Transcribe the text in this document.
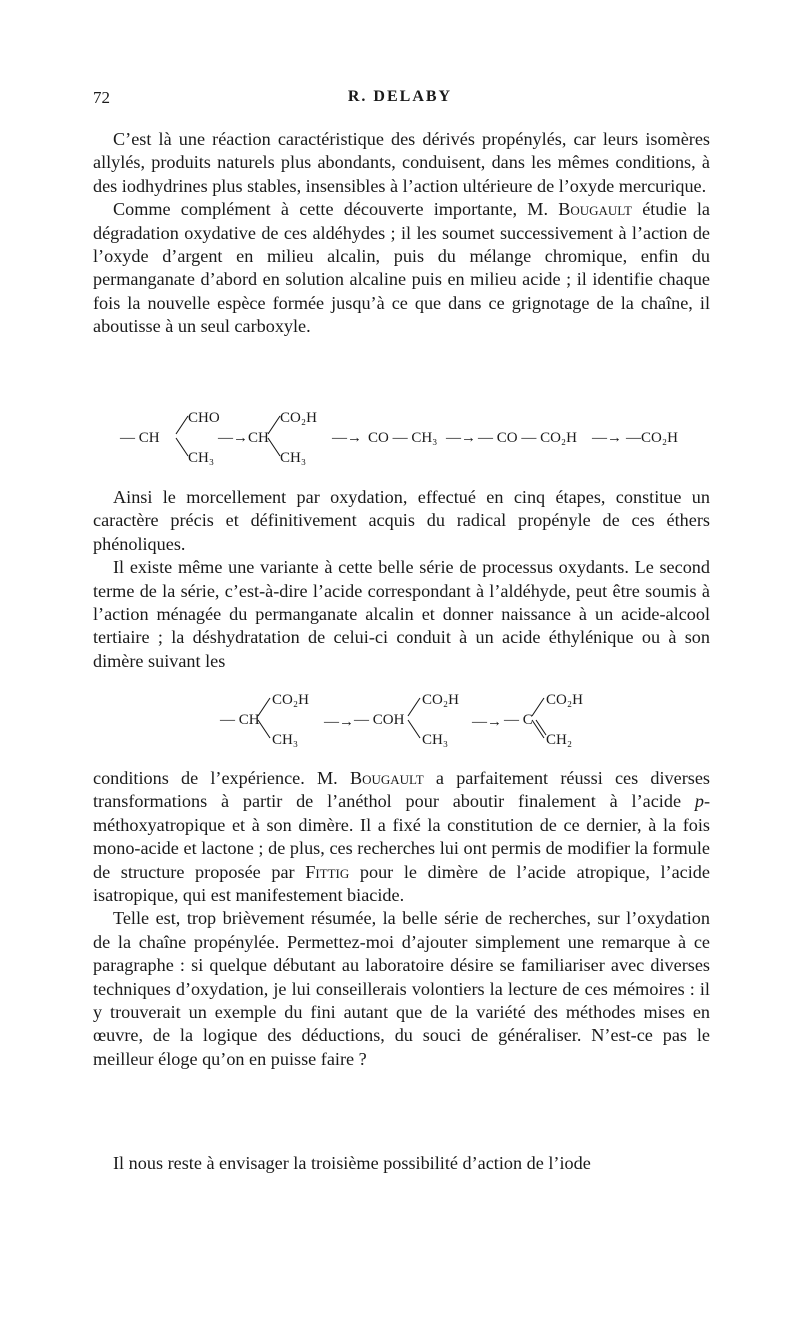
72	R. DELABY

C’est là une réaction caractéristique des dérivés propénylés, car leurs isomères allylés, produits naturels plus abondants, conduisent, dans les mêmes conditions, à des iodhydrines plus stables, insensibles à l’action ultérieure de l’oxyde mercurique.

Comme complément à cette découverte importante, M. Bougault étudie la dégradation oxydative de ces aldéhydes ; il les soumet successivement à l’action de l’oxyde d’argent en milieu alcalin, puis du mélange chromique, enfin du permanganate d’abord en solution alcaline puis en milieu acide ; il identifie chaque fois la nouvelle espèce formée jusqu’à ce que dans ce grignotage de la chaîne, il aboutisse à un seul carboxyle.

— CH
CHO
CH₃
—→ CH
CO₂H
CH₃
—→ CO — CH₃ —→ — CO — CO₂H —→ —CO₂H

Ainsi le morcellement par oxydation, effectué en cinq étapes, constitue un caractère précis et définitivement acquis du radical propényle de ces éthers phénoliques.

Il existe même une variante à cette belle série de processus oxydants. Le second terme de la série, c’est-à-dire l’acide correspondant à l’aldéhyde, peut être soumis à l’action ménagée du permanganate alcalin et donner naissance à un acide-alcool tertiaire ; la déshydratation de celui-ci conduit à un acide éthylénique ou à son dimère suivant les

— CH
CO₂H
CH₃
—→ — COH
CO₂H
CH₃
—→ — C
CO₂H
CH₂

conditions de l’expérience. M. Bougault a parfaitement réussi ces diverses transformations à partir de l’anéthol pour aboutir finalement à l’acide p-méthoxyatropique et à son dimère. Il a fixé la constitution de ce dernier, à la fois mono-acide et lactone ; de plus, ces recherches lui ont permis de modifier la formule de structure proposée par Fittig pour le dimère de l’acide atropique, l’acide isatropique, qui est manifestement biacide.

Telle est, trop brièvement résumée, la belle série de recherches, sur l’oxydation de la chaîne propénylée. Permettez-moi d’ajouter simplement une remarque à ce paragraphe : si quelque débutant au laboratoire désire se familiariser avec diverses techniques d’oxydation, je lui conseillerais volontiers la lecture de ces mémoires : il y trouverait un exemple du fini autant que de la variété des méthodes mises en œuvre, de la logique des déductions, du souci de généraliser. N’est-ce pas le meilleur éloge qu’on en puisse faire ?

Il nous reste à envisager la troisième possibilité d’action de l’iode
